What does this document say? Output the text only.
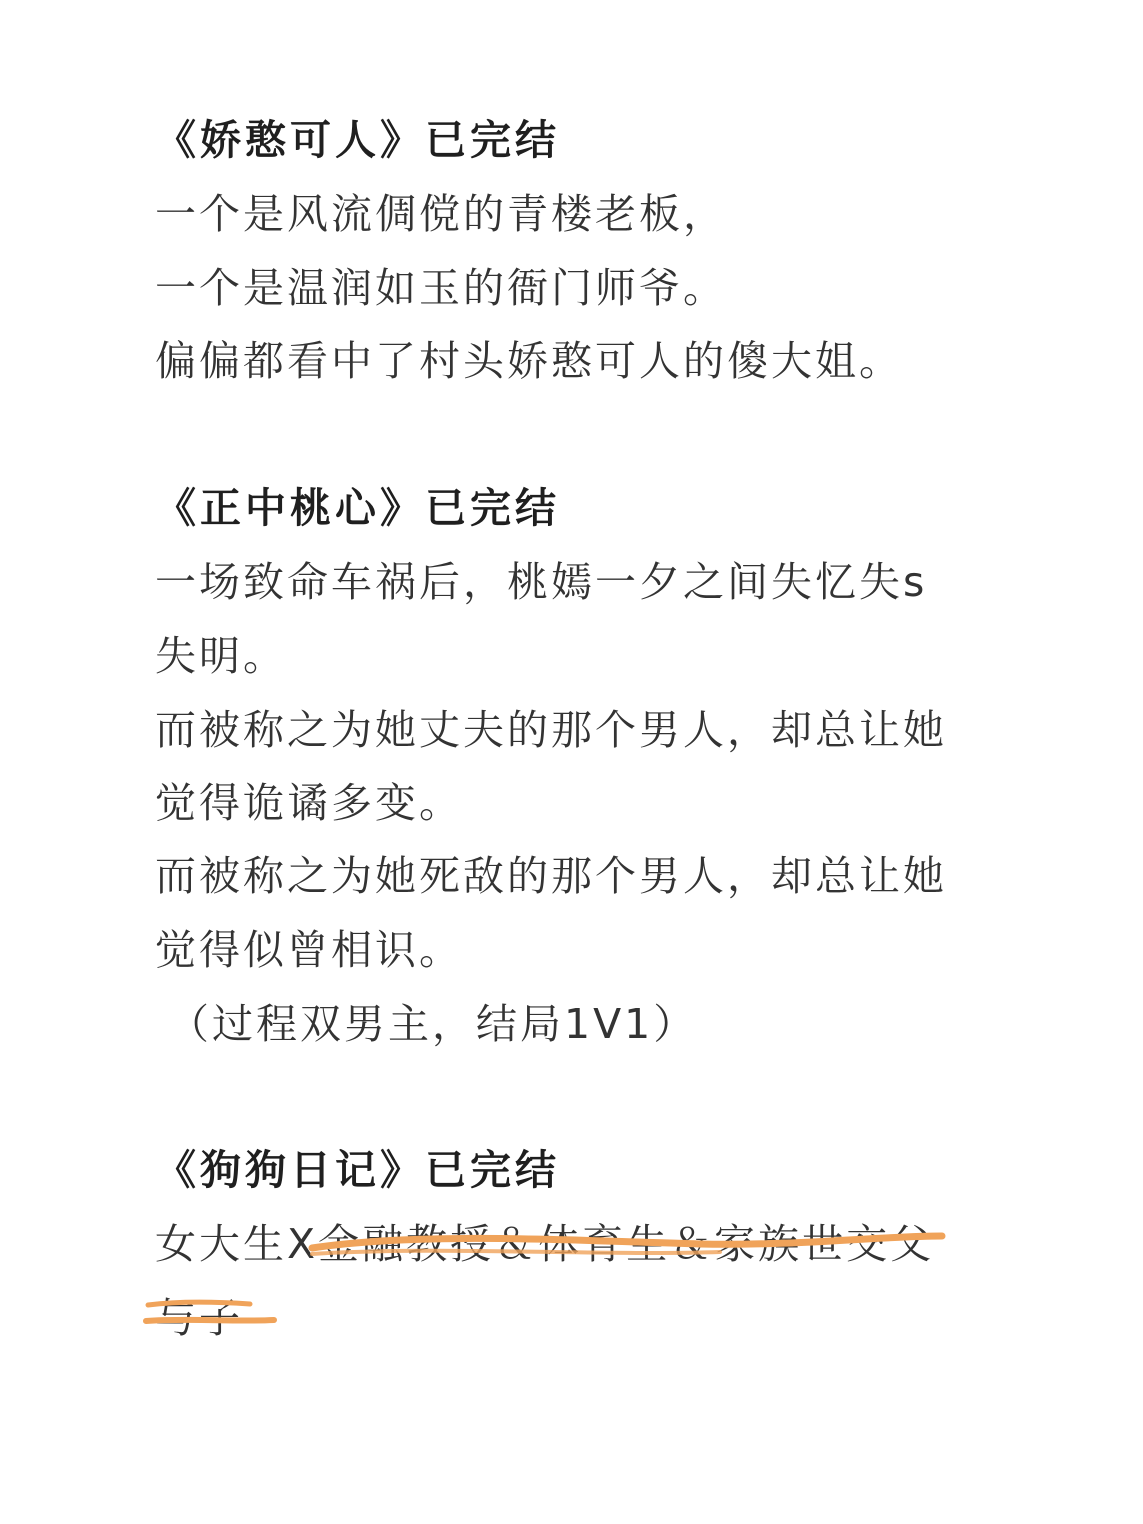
《娇憨可人》已完结
一个是风流倜傥的青楼老板，
一个是温润如玉的衙门师爷。
偏偏都看中了村头娇憨可人的傻大姐。
《正中桃心》已完结
一场致命车祸后，桃嫣一夕之间失忆失s
失明。
而被称之为她丈夫的那个男人，却总让她
觉得诡谲多变。
而被称之为她死敌的那个男人，却总让她
觉得似曾相识。
（过程双男主，结局1V1）
《狗狗日记》已完结
女大生X金融教授＆体育生＆家族世交父
与子
